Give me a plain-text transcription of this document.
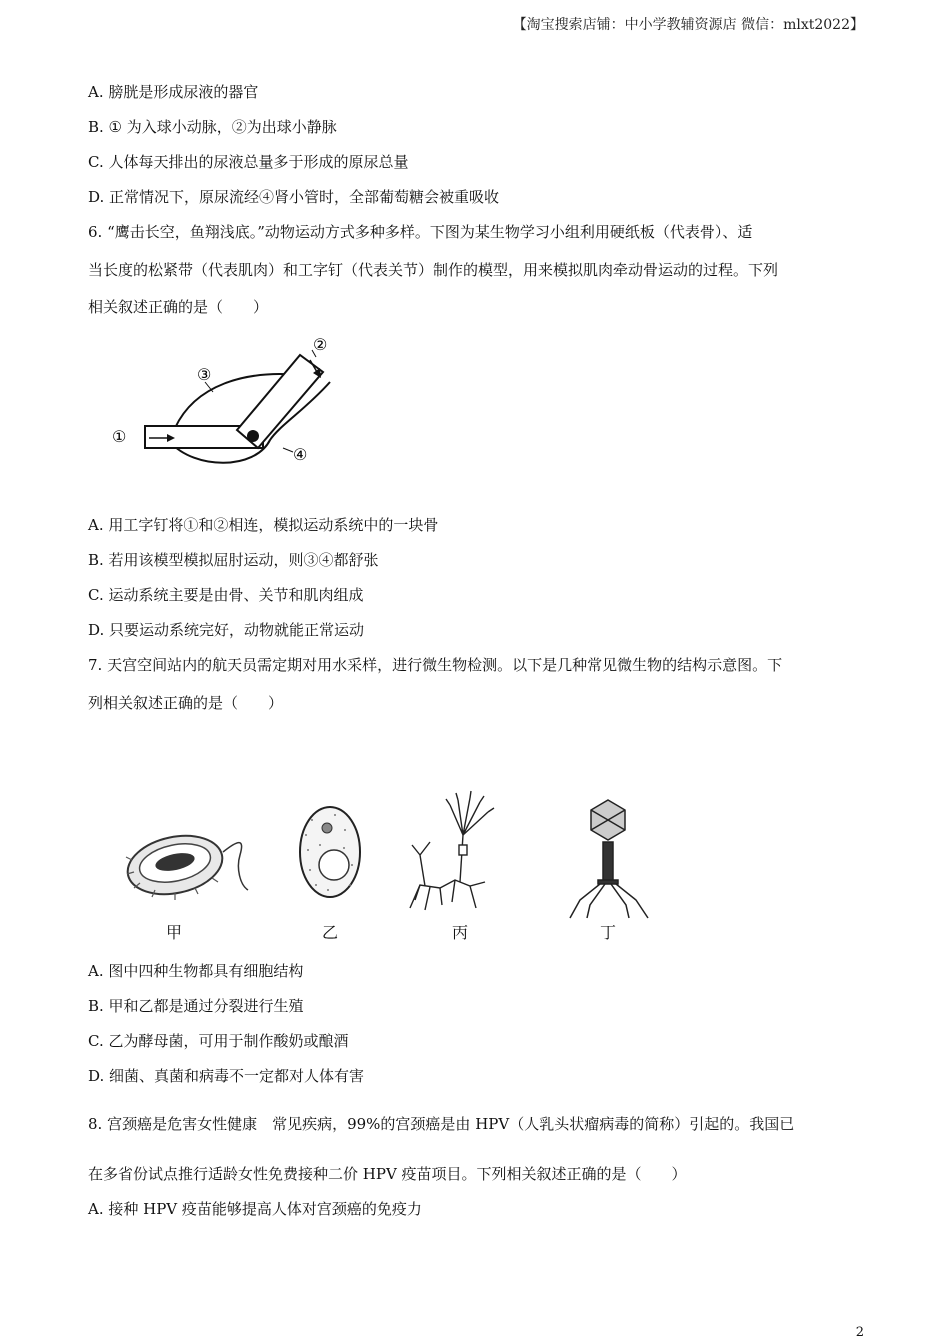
【淘宝搜索店铺：中小学教辅资源店 微信：mlxt2022】
A. 膀胱是形成尿液的器官
B. ① 为入球小动脉，②为出球小静脉
C. 人体每天排出的尿液总量多于形成的原尿总量
D. 正常情况下，原尿流经④肾小管时，全部葡萄糖会被重吸收
6. “鹰击长空，鱼翔浅底。”动物运动方式多种多样。下图为某生物学习小组利用硬纸板（代表骨）、适
当长度的松紧带（代表肌肉）和工字钉（代表关节）制作的模型，用来模拟肌肉牵动骨运动的过程。下列
相关叙述正确的是（　　）
①
②
③
④
A. 用工字钉将①和②相连，模拟运动系统中的一块骨
B. 若用该模型模拟屈肘运动，则③④都舒张
C. 运动系统主要是由骨、关节和肌肉组成
D. 只要运动系统完好，动物就能正常运动
7. 天宫空间站内的航天员需定期对用水采样，进行微生物检测。以下是几种常见微生物的结构示意图。下
列相关叙述正确的是（　　）
甲	乙	丙	丁
A. 图中四种生物都具有细胞结构
B. 甲和乙都是通过分裂进行生殖
C. 乙为酵母菌，可用于制作酸奶或酿酒
D. 细菌、真菌和病毒不一定都对人体有害
8. 宫颈癌是危害女性健康　常见疾病，99%的宫颈癌是由 HPV（人乳头状瘤病毒的简称）引起的。我国已
在多省份试点推行适龄女性免费接种二价 HPV 疫苗项目。下列相关叙述正确的是（　　）
A. 接种 HPV 疫苗能够提高人体对宫颈癌的免疫力
2
